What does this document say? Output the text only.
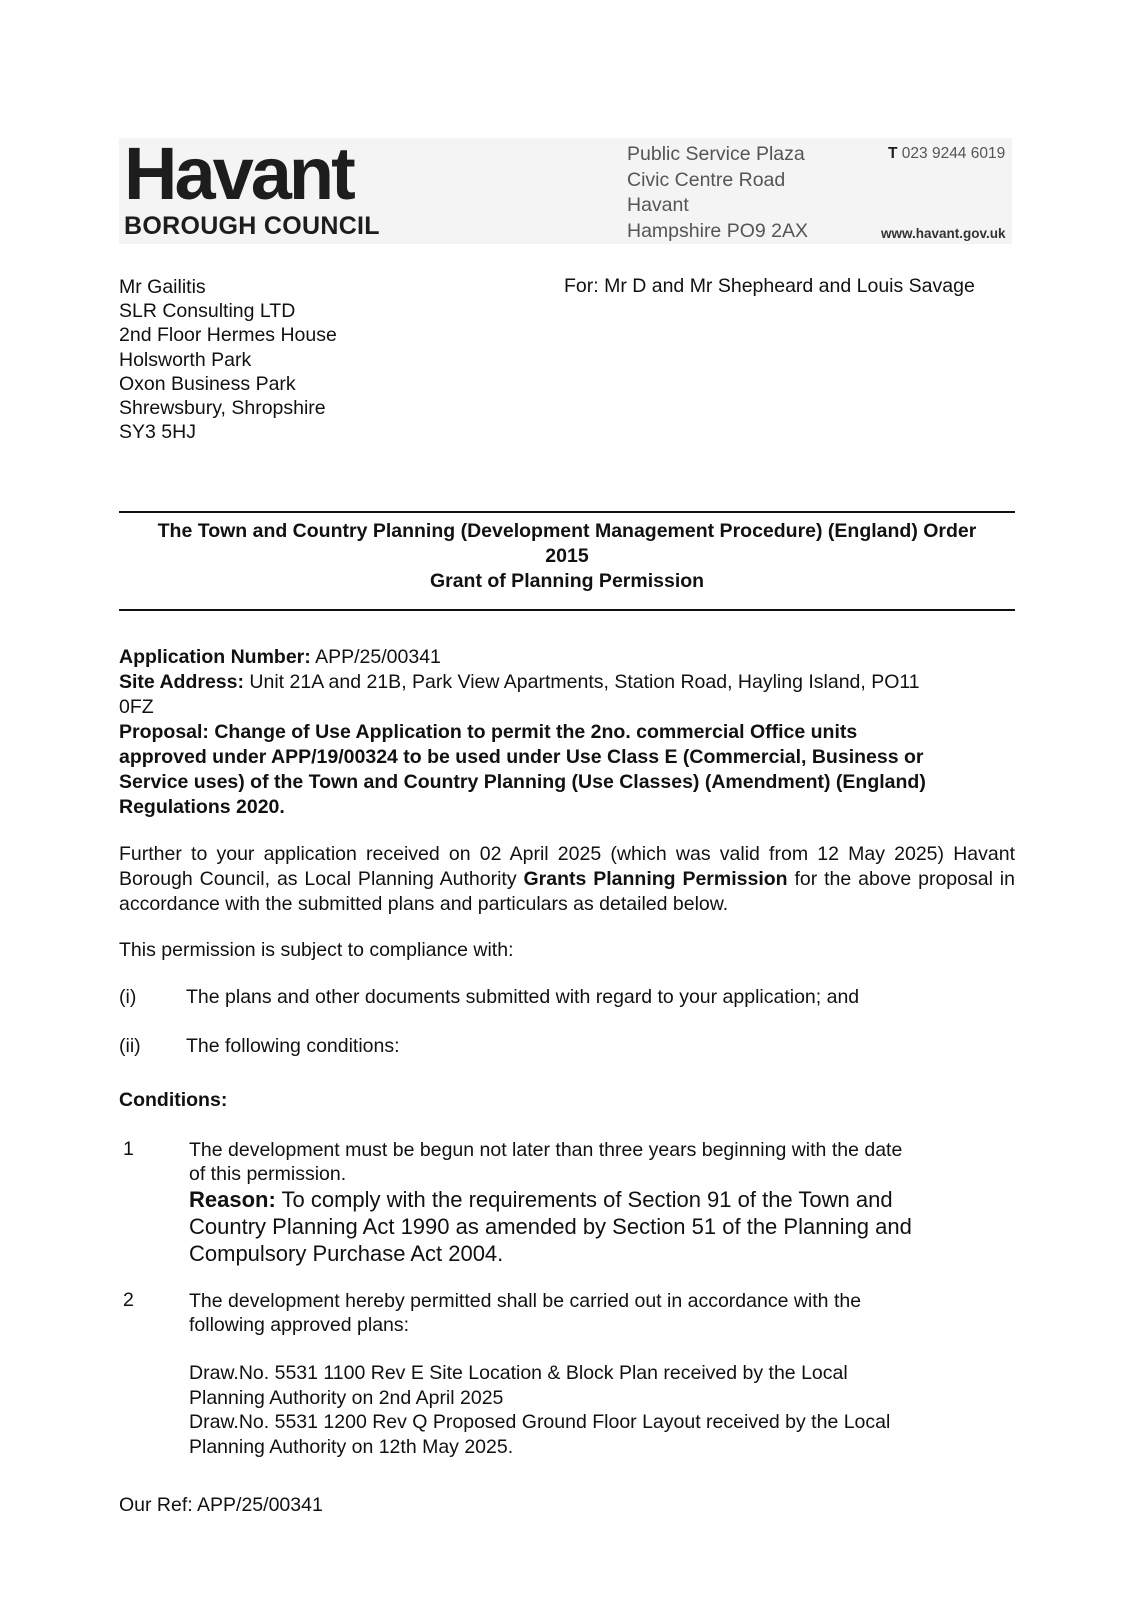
Havant
BOROUGH COUNCIL
Public Service Plaza
Civic Centre Road
Havant
Hampshire PO9 2AX
T 023 9244 6019
www.havant.gov.uk
Mr Gailitis
SLR Consulting LTD
2nd Floor Hermes House
Holsworth Park
Oxon Business Park
Shrewsbury, Shropshire
SY3 5HJ
For: Mr D and Mr Shepheard and Louis Savage
The Town and Country Planning (Development Management Procedure) (England) Order
2015
Grant of Planning Permission
Application Number: APP/25/00341
Site Address: Unit 21A and 21B, Park View Apartments, Station Road, Hayling Island, PO11
0FZ
Proposal: Change of Use Application to permit the 2no. commercial Office units
approved under APP/19/00324 to be used under Use Class E (Commercial, Business or
Service uses) of the Town and Country Planning (Use Classes) (Amendment) (England)
Regulations 2020.
Further to your application received on 02 April 2025 (which was valid from 12 May 2025) Havant Borough Council, as Local Planning Authority Grants Planning Permission for the above proposal in accordance with the submitted plans and particulars as detailed below.
This permission is subject to compliance with:
(i)	The plans and other documents submitted with regard to your application; and
(ii) The following conditions:
Conditions:
1	The development must be begun not later than three years beginning with the date
of this permission.
Reason: To comply with the requirements of Section 91 of the Town and
Country Planning Act 1990 as amended by Section 51 of the Planning and
Compulsory Purchase Act 2004.
2	The development hereby permitted shall be carried out in accordance with the
following approved plans:
Draw.No. 5531 1100 Rev E Site Location & Block Plan received by the Local
Planning Authority on 2nd April 2025
Draw.No. 5531 1200 Rev Q Proposed Ground Floor Layout received by the Local
Planning Authority on 12th May 2025.
Our Ref: APP/25/00341
